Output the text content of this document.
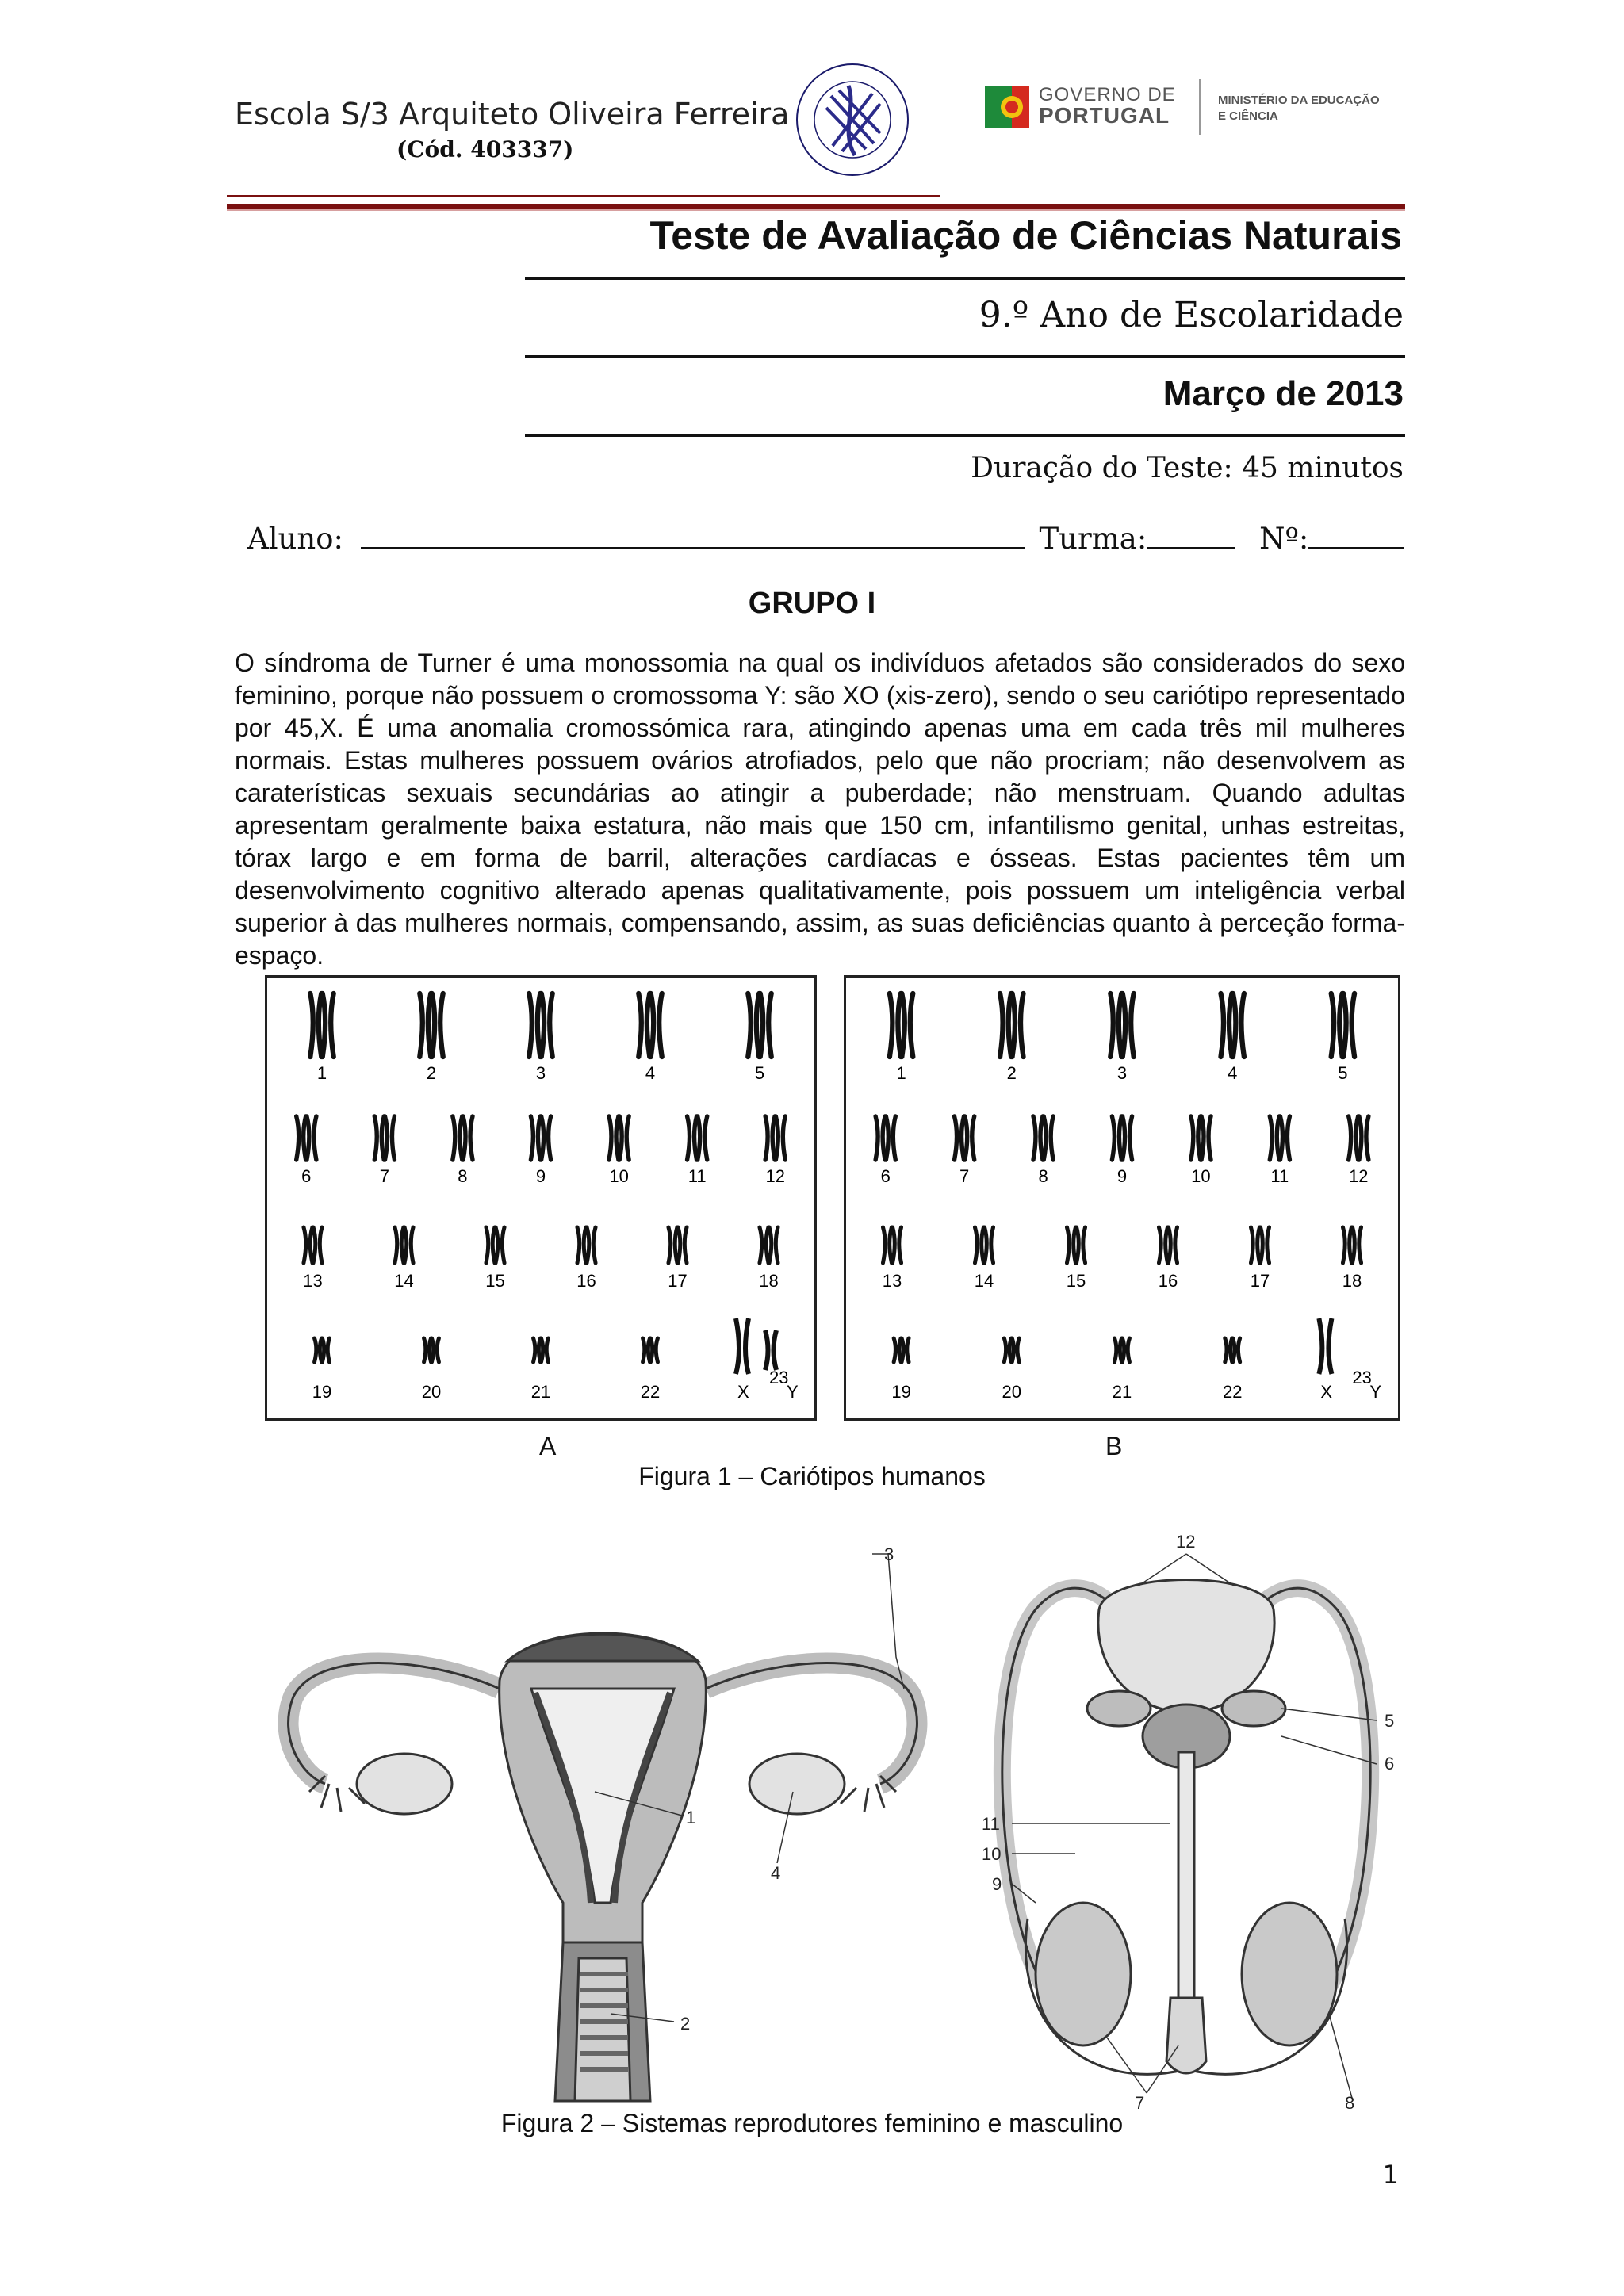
Escola S/3 Arquiteto Oliveira Ferreira
(Cód. 403337)
GOVERNO DE
PORTUGAL
MINISTÉRIO DA EDUCAÇÃO
E CIÊNCIA
Teste de Avaliação de Ciências Naturais
9.º Ano de Escolaridade
Março de 2013
Duração do Teste: 45 minutos
Aluno:	Turma:	Nº:
GRUPO I

O síndroma de Turner é uma monossomia na qual os indivíduos afetados são considerados do sexo feminino, porque não possuem o cromossoma Y: são XO (xis-zero), sendo o seu cariótipo representado por 45,X. É uma anomalia cromossómica rara, atingindo apenas uma em cada três mil mulheres normais. Estas mulheres possuem ovários atrofiados, pelo que não procriam; não desenvolvem as caraterísticas sexuais secundárias ao atingir a puberdade; não menstruam. Quando adultas apresentam geralmente baixa estatura, não mais que 150 cm, infantilismo genital, unhas estreitas, tórax largo e em forma de barril, alterações cardíacas e ósseas. Estas pacientes têm um desenvolvimento cognitivo alterado apenas qualitativamente, pois possuem um inteligência verbal superior à das mulheres normais, compensando, assim, as suas deficiências quanto à perceção forma-espaço.

1	2	3	4	5
6	7	8	9	10	11	12
13	14	15	16	17	18
19	20	21	22	X Y
23
1	2	3	4	5
6	7	8	9	10	11	12
13	14	15	16	17	18
19	20	21	22	X Y
23
A	B
Figura 1 – Cariótipos humanos
1
2
3
4
5
6
7	8
9
10
11
12
Figura 2 – Sistemas reprodutores feminino e masculino
1
